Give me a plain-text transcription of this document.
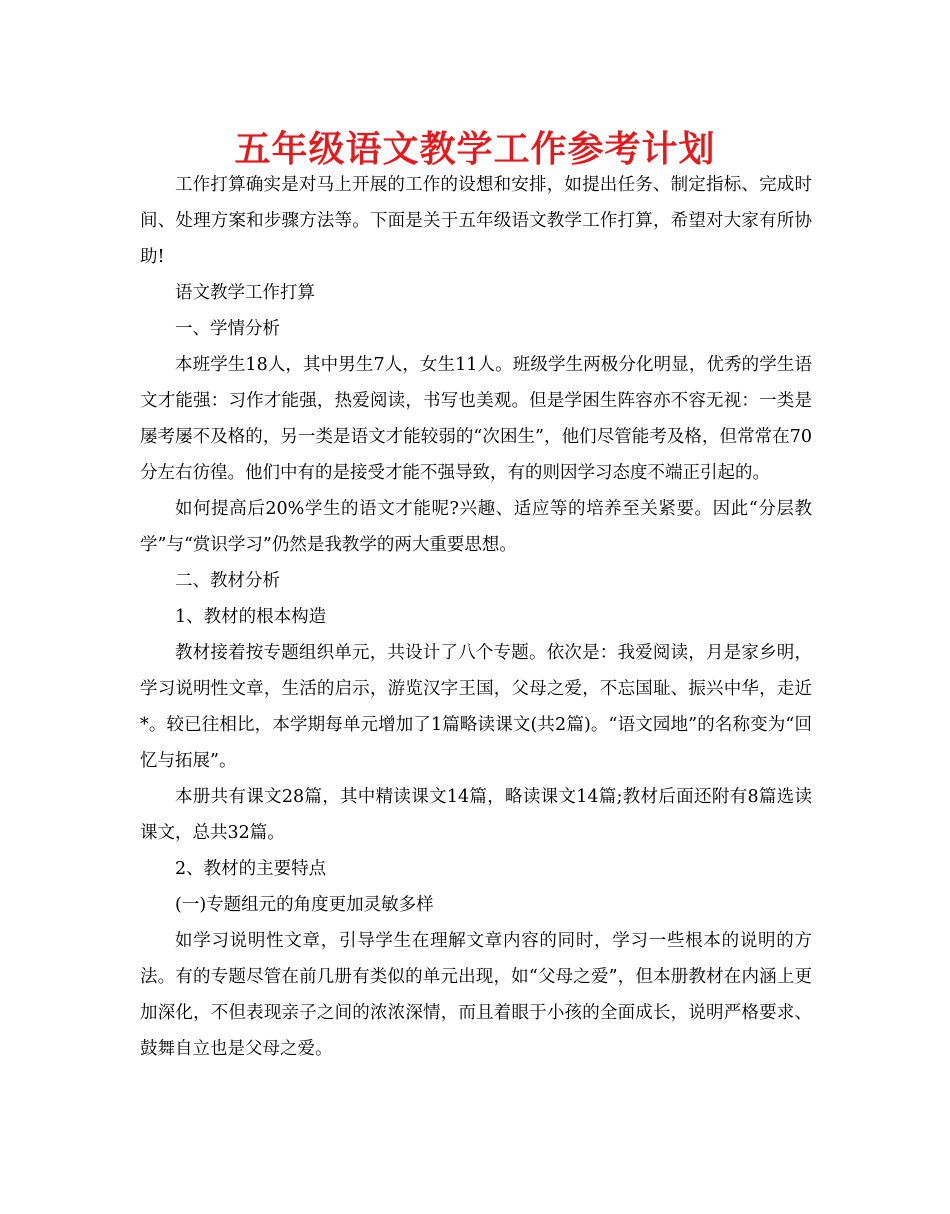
五年级语文教学工作参考计划

工作打算确实是对马上开展的工作的设想和安排，如提出任务、制定指标、完成时间、处理方案和步骤方法等。下面是关于五年级语文教学工作打算，希望对大家有所协助!

语文教学工作打算

一、学情分析

本班学生18人，其中男生7人，女生11人。班级学生两极分化明显，优秀的学生语文才能强：习作才能强，热爱阅读，书写也美观。但是学困生阵容亦不容无视：一类是屡考屡不及格的，另一类是语文才能较弱的“次困生”，他们尽管能考及格，但常常在70分左右彷徨。他们中有的是接受才能不强导致，有的则因学习态度不端正引起的。

如何提高后20%学生的语文才能呢?兴趣、适应等的培养至关紧要。因此“分层教学”与“赏识学习”仍然是我教学的两大重要思想。

二、教材分析

1、教材的根本构造

教材接着按专题组织单元，共设计了八个专题。依次是：我爱阅读，月是家乡明，学习说明性文章，生活的启示，游览汉字王国，父母之爱，不忘国耻、振兴中华，走近*。较已往相比，本学期每单元增加了1篇略读课文(共2篇)。“语文园地”的名称变为“回忆与拓展”。

本册共有课文28篇，其中精读课文14篇，略读课文14篇;教材后面还附有8篇选读课文，总共32篇。

2、教材的主要特点

(一)专题组元的角度更加灵敏多样

如学习说明性文章，引导学生在理解文章内容的同时，学习一些根本的说明的方法。有的专题尽管在前几册有类似的单元出现，如“父母之爱”，但本册教材在内涵上更加深化，不但表现亲子之间的浓浓深情，而且着眼于小孩的全面成长，说明严格要求、鼓舞自立也是父母之爱。
